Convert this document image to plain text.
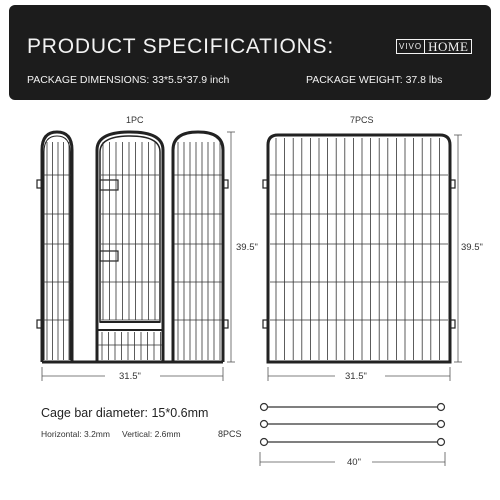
PRODUCT SPECIFICATIONS:	VIVO HOME
PACKAGE DIMENSIONS: 33*5.5*37.9 inch	PACKAGE WEIGHT: 37.8 lbs
1PC	7PCS
39.5"	39.5"
31.5"	31.5"
Cage bar diameter: 15*0.6mm
Horizontal: 3.2mm Vertical: 2.6mm	8PCS
40"
